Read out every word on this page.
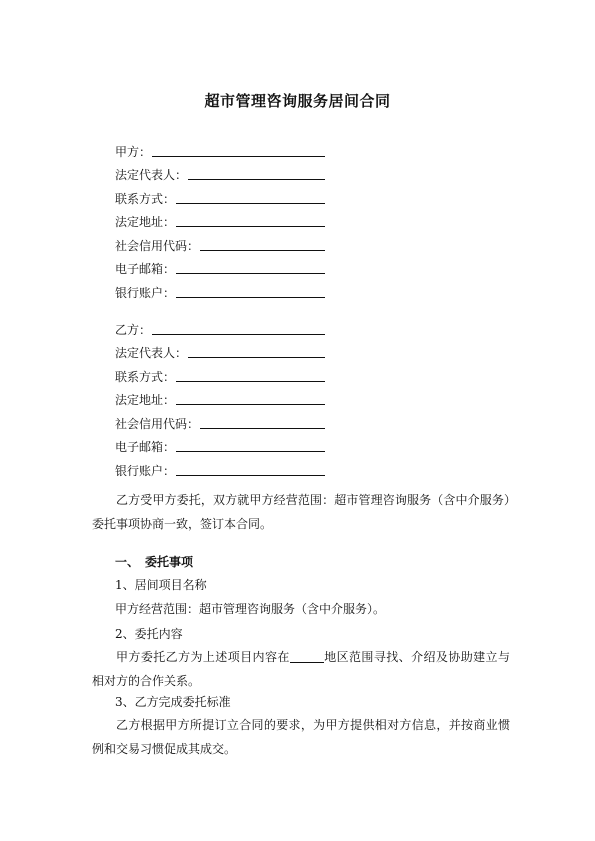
超市管理咨询服务居间合同
甲方：
法定代表人：
联系方式：
法定地址：
社会信用代码：
电子邮箱：
银行账户：
乙方：
法定代表人：
联系方式：
法定地址：
社会信用代码：
电子邮箱：
银行账户：

乙方受甲方委托，双方就甲方经营范围：超市管理咨询服务（含中介服务）委托事项协商一致，签订本合同。

一、 委托事项
1、居间项目名称
甲方经营范围：超市管理咨询服务（含中介服务）。
2、委托内容

甲方委托乙方为上述项目内容在	地区范围寻找、介绍及协助建立与相对方的合作关系。

3、乙方完成委托标准

乙方根据甲方所提订立合同的要求，为甲方提供相对方信息，并按商业惯例和交易习惯促成其成交。
